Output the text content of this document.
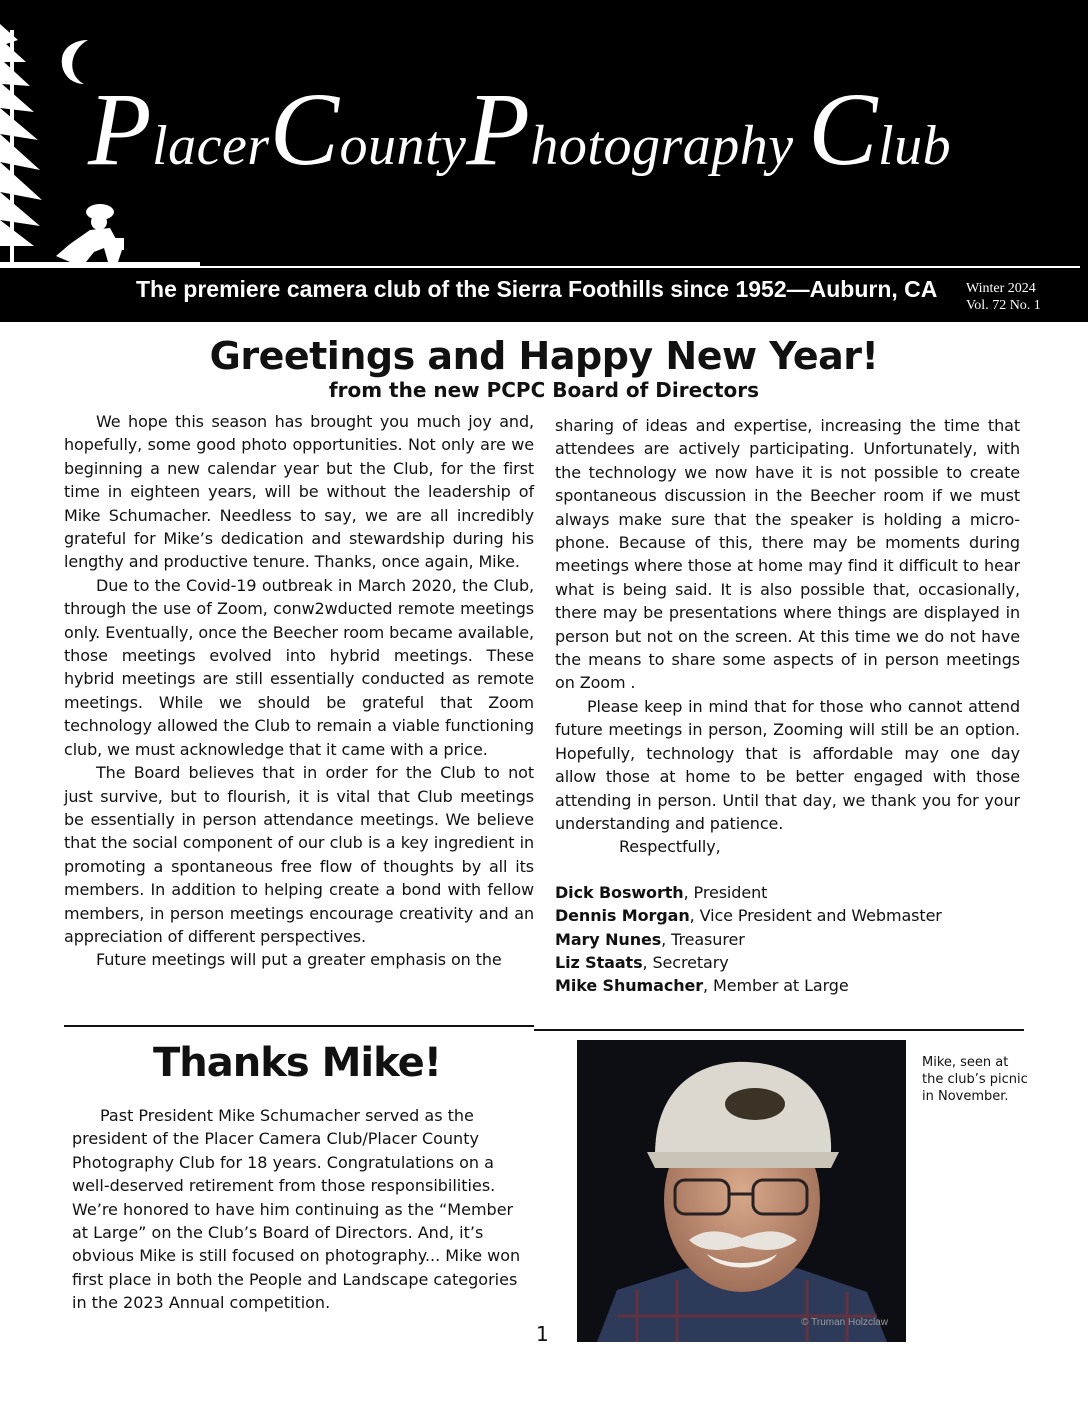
PlacerCountyPhotography Club
The premiere camera club of the Sierra Foothills since 1952—Auburn, CA Winter 2024
Vol. 72 No. 1
Greetings and Happy New Year!
from the new PCPC Board of Directors

We hope this season has brought you much joy and, hopefully, some good photo opportunities. Not only are we beginning a new calendar year but the Club, for the first time in eighteen years, will be without the leadership of Mike Schumacher. Needless to say, we are all incredibly grateful for Mike’s dedication and stewardship during his lengthy and productive tenure. Thanks, once again, Mike.

Due to the Covid-19 outbreak in March 2020, the Club, through the use of Zoom, conw2wducted remote meetings only. Eventually, once the Beecher room became available, those meetings evolved into hybrid meetings. These hybrid meetings are still essentially conducted as remote meetings. While we should be grateful that Zoom technology allowed the Club to remain a viable functioning club, we must acknowledge that it came with a price.

The Board believes that in order for the Club to not just survive, but to flourish, it is vital that Club meetings be essentially in person attendance meetings. We believe that the social component of our club is a key ingredient in promoting a spontaneous free flow of thoughts by all its members. In addition to helping create a bond with fellow members, in person meetings encourage creativity and an appreciation of different perspectives.

Future meetings will put a greater emphasis on the

sharing of ideas and expertise, increasing the time that attendees are actively participating. Unfortunately, with the technology we now have it is not possible to create spontaneous discussion in the Beecher room if we must always make sure that the speaker is holding a microphone. Because of this, there may be moments during meetings where those at home may find it difficult to hear what is being said. It is also possible that, occasionally, there may be presentations where things are displayed in person but not on the screen. At this time we do not have the means to share some aspects of in person meetings on Zoom .

Please keep in mind that for those who cannot attend future meetings in person, Zooming will still be an option. Hopefully, technology that is affordable may one day allow those at home to be better engaged with those attending in person. Until that day, we thank you for your understanding and patience.

Respectfully,

Dick Bosworth, President
Dennis Morgan, Vice President and Webmaster
Mary Nunes, Treasurer
Liz Staats, Secretary
Mike Shumacher, Member at Large
Thanks Mike!

Past President Mike Schumacher served as the president of the Placer Camera Club/Placer County Photography Club for 18 years. Congratulations on a well-deserved retirement from those responsibilities. We’re honored to have him continuing as the “Member at Large” on the Club’s Board of Directors. And, it’s obvious Mike is still focused on photography... Mike won first place in both the People and Landscape categories in the 2023 Annual competition.

© Truman Holzclaw
Mike, seen at the club’s picnic in November.
1
